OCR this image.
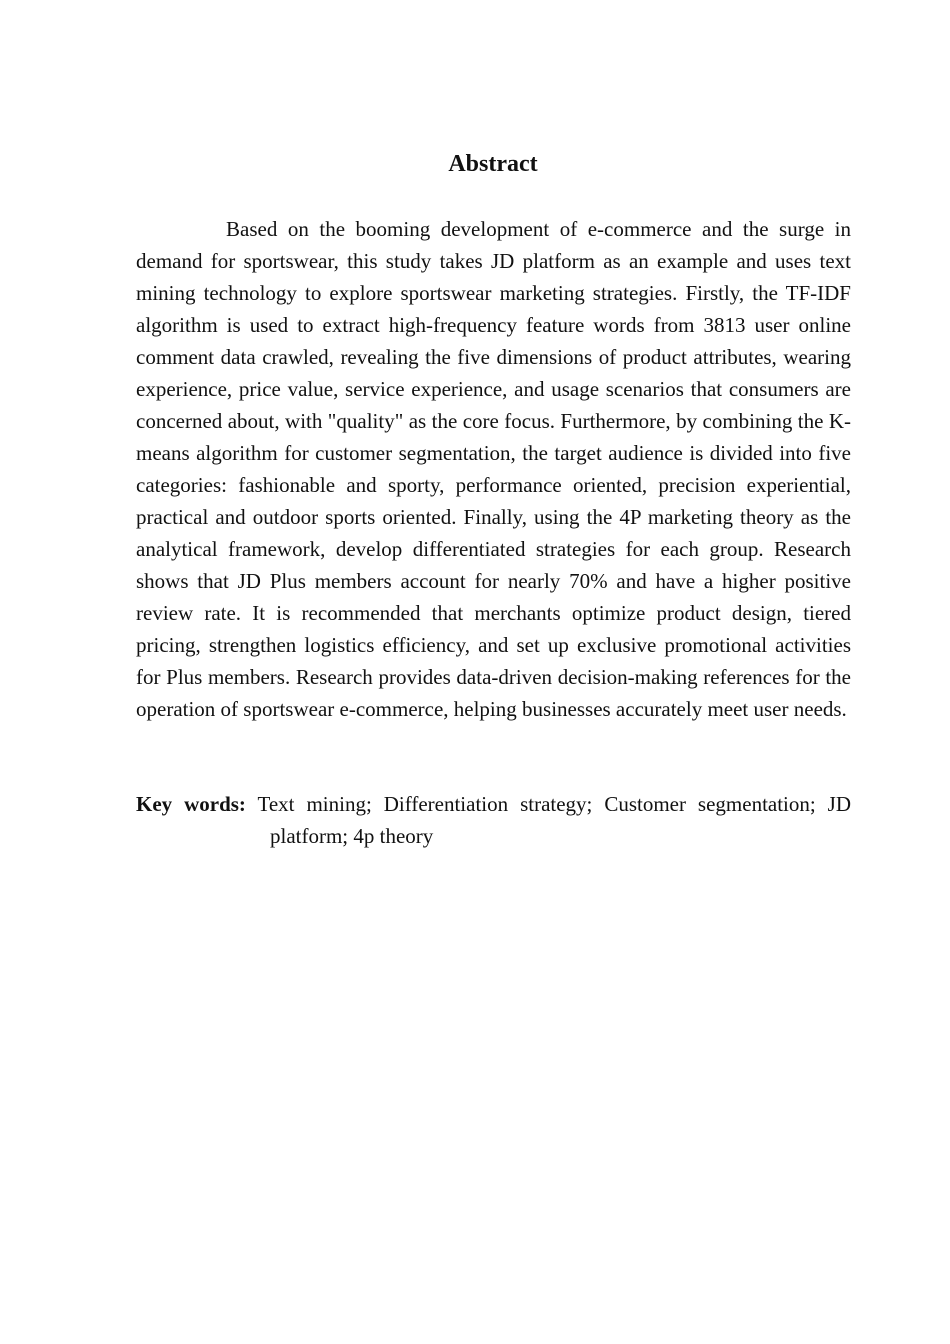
Abstract

Based on the booming development of e-commerce and the surge in demand for sportswear, this study takes JD platform as an example and uses text mining technology to explore sportswear marketing strategies. Firstly, the TF-IDF algorithm is used to extract high-frequency feature words from 3813 user online comment data crawled, revealing the five dimensions of product attributes, wearing experience, price value, service experience, and usage scenarios that consumers are concerned about, with "quality" as the core focus. Furthermore, by combining the K-means algorithm for customer segmentation, the target audience is divided into five categories: fashionable and sporty, performance oriented, precision experiential, practical and outdoor sports oriented. Finally, using the 4P marketing theory as the analytical framework, develop differentiated strategies for each group. Research shows that JD Plus members account for nearly 70% and have a higher positive review rate. It is recommended that merchants optimize product design, tiered pricing, strengthen logistics efficiency, and set up exclusive promotional activities for Plus members. Research provides data-driven decision-making references for the operation of sportswear e-commerce, helping businesses accurately meet user needs.

Key words: Text mining; Differentiation strategy; Customer segmentation; JD platform; 4p theory
